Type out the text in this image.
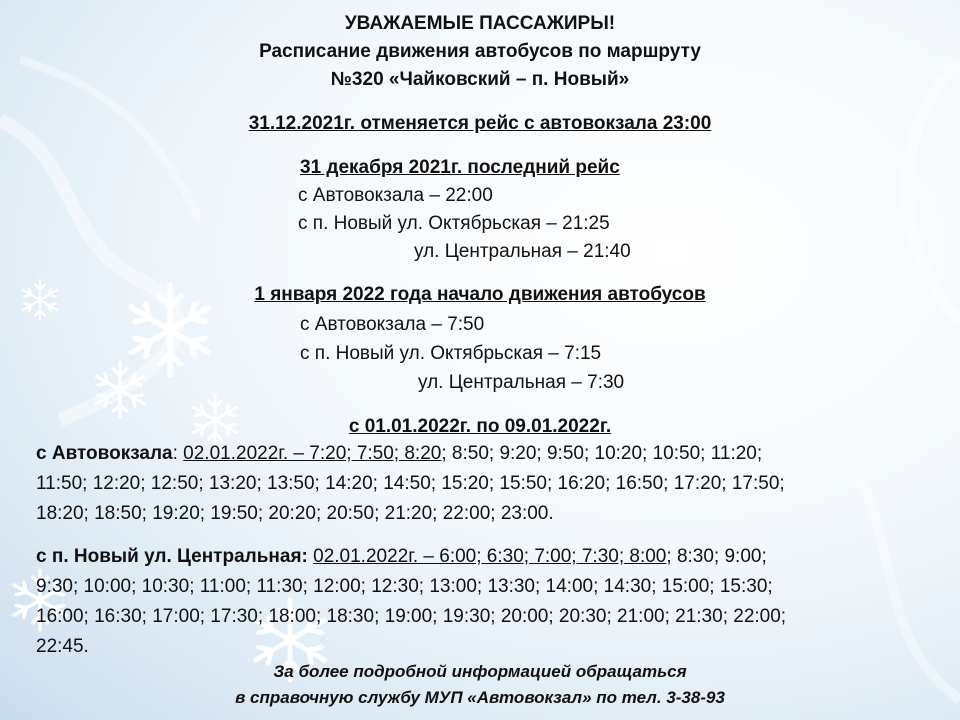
УВАЖАЕМЫЕ ПАССАЖИРЫ!
Расписание движения автобусов по маршруту
№320 «Чайковский – п. Новый»
31.12.2021г. отменяется рейс с автовокзала 23:00
31 декабря 2021г. последний рейс
с Автовокзала – 22:00
с п. Новый ул. Октябрьская – 21:25
ул. Центральная – 21:40
1 января 2022 года начало движения автобусов
с Автовокзала – 7:50
с п. Новый ул. Октябрьская – 7:15
ул. Центральная – 7:30
с 01.01.2022г. по 09.01.2022г.
с Автовокзала: 02.01.2022г. – 7:20; 7:50; 8:20; 8:50; 9:20; 9:50; 10:20; 10:50; 11:20;
11:50; 12:20; 12:50; 13:20; 13:50; 14:20; 14:50; 15:20; 15:50; 16:20; 16:50; 17:20; 17:50;
18:20; 18:50; 19:20; 19:50; 20:20; 20:50; 21:20; 22:00; 23:00.
с п. Новый ул. Центральная: 02.01.2022г. – 6:00; 6:30; 7:00; 7:30; 8:00; 8:30; 9:00;
9:30; 10:00; 10:30; 11:00; 11:30; 12:00; 12:30; 13:00; 13:30; 14:00; 14:30; 15:00; 15:30;
16:00; 16:30; 17:00; 17:30; 18:00; 18:30; 19:00; 19:30; 20:00; 20:30; 21:00; 21:30; 22:00;
22:45.
За более подробной информацией обращаться
в справочную службу МУП «Автовокзал» по тел. 3-38-93
